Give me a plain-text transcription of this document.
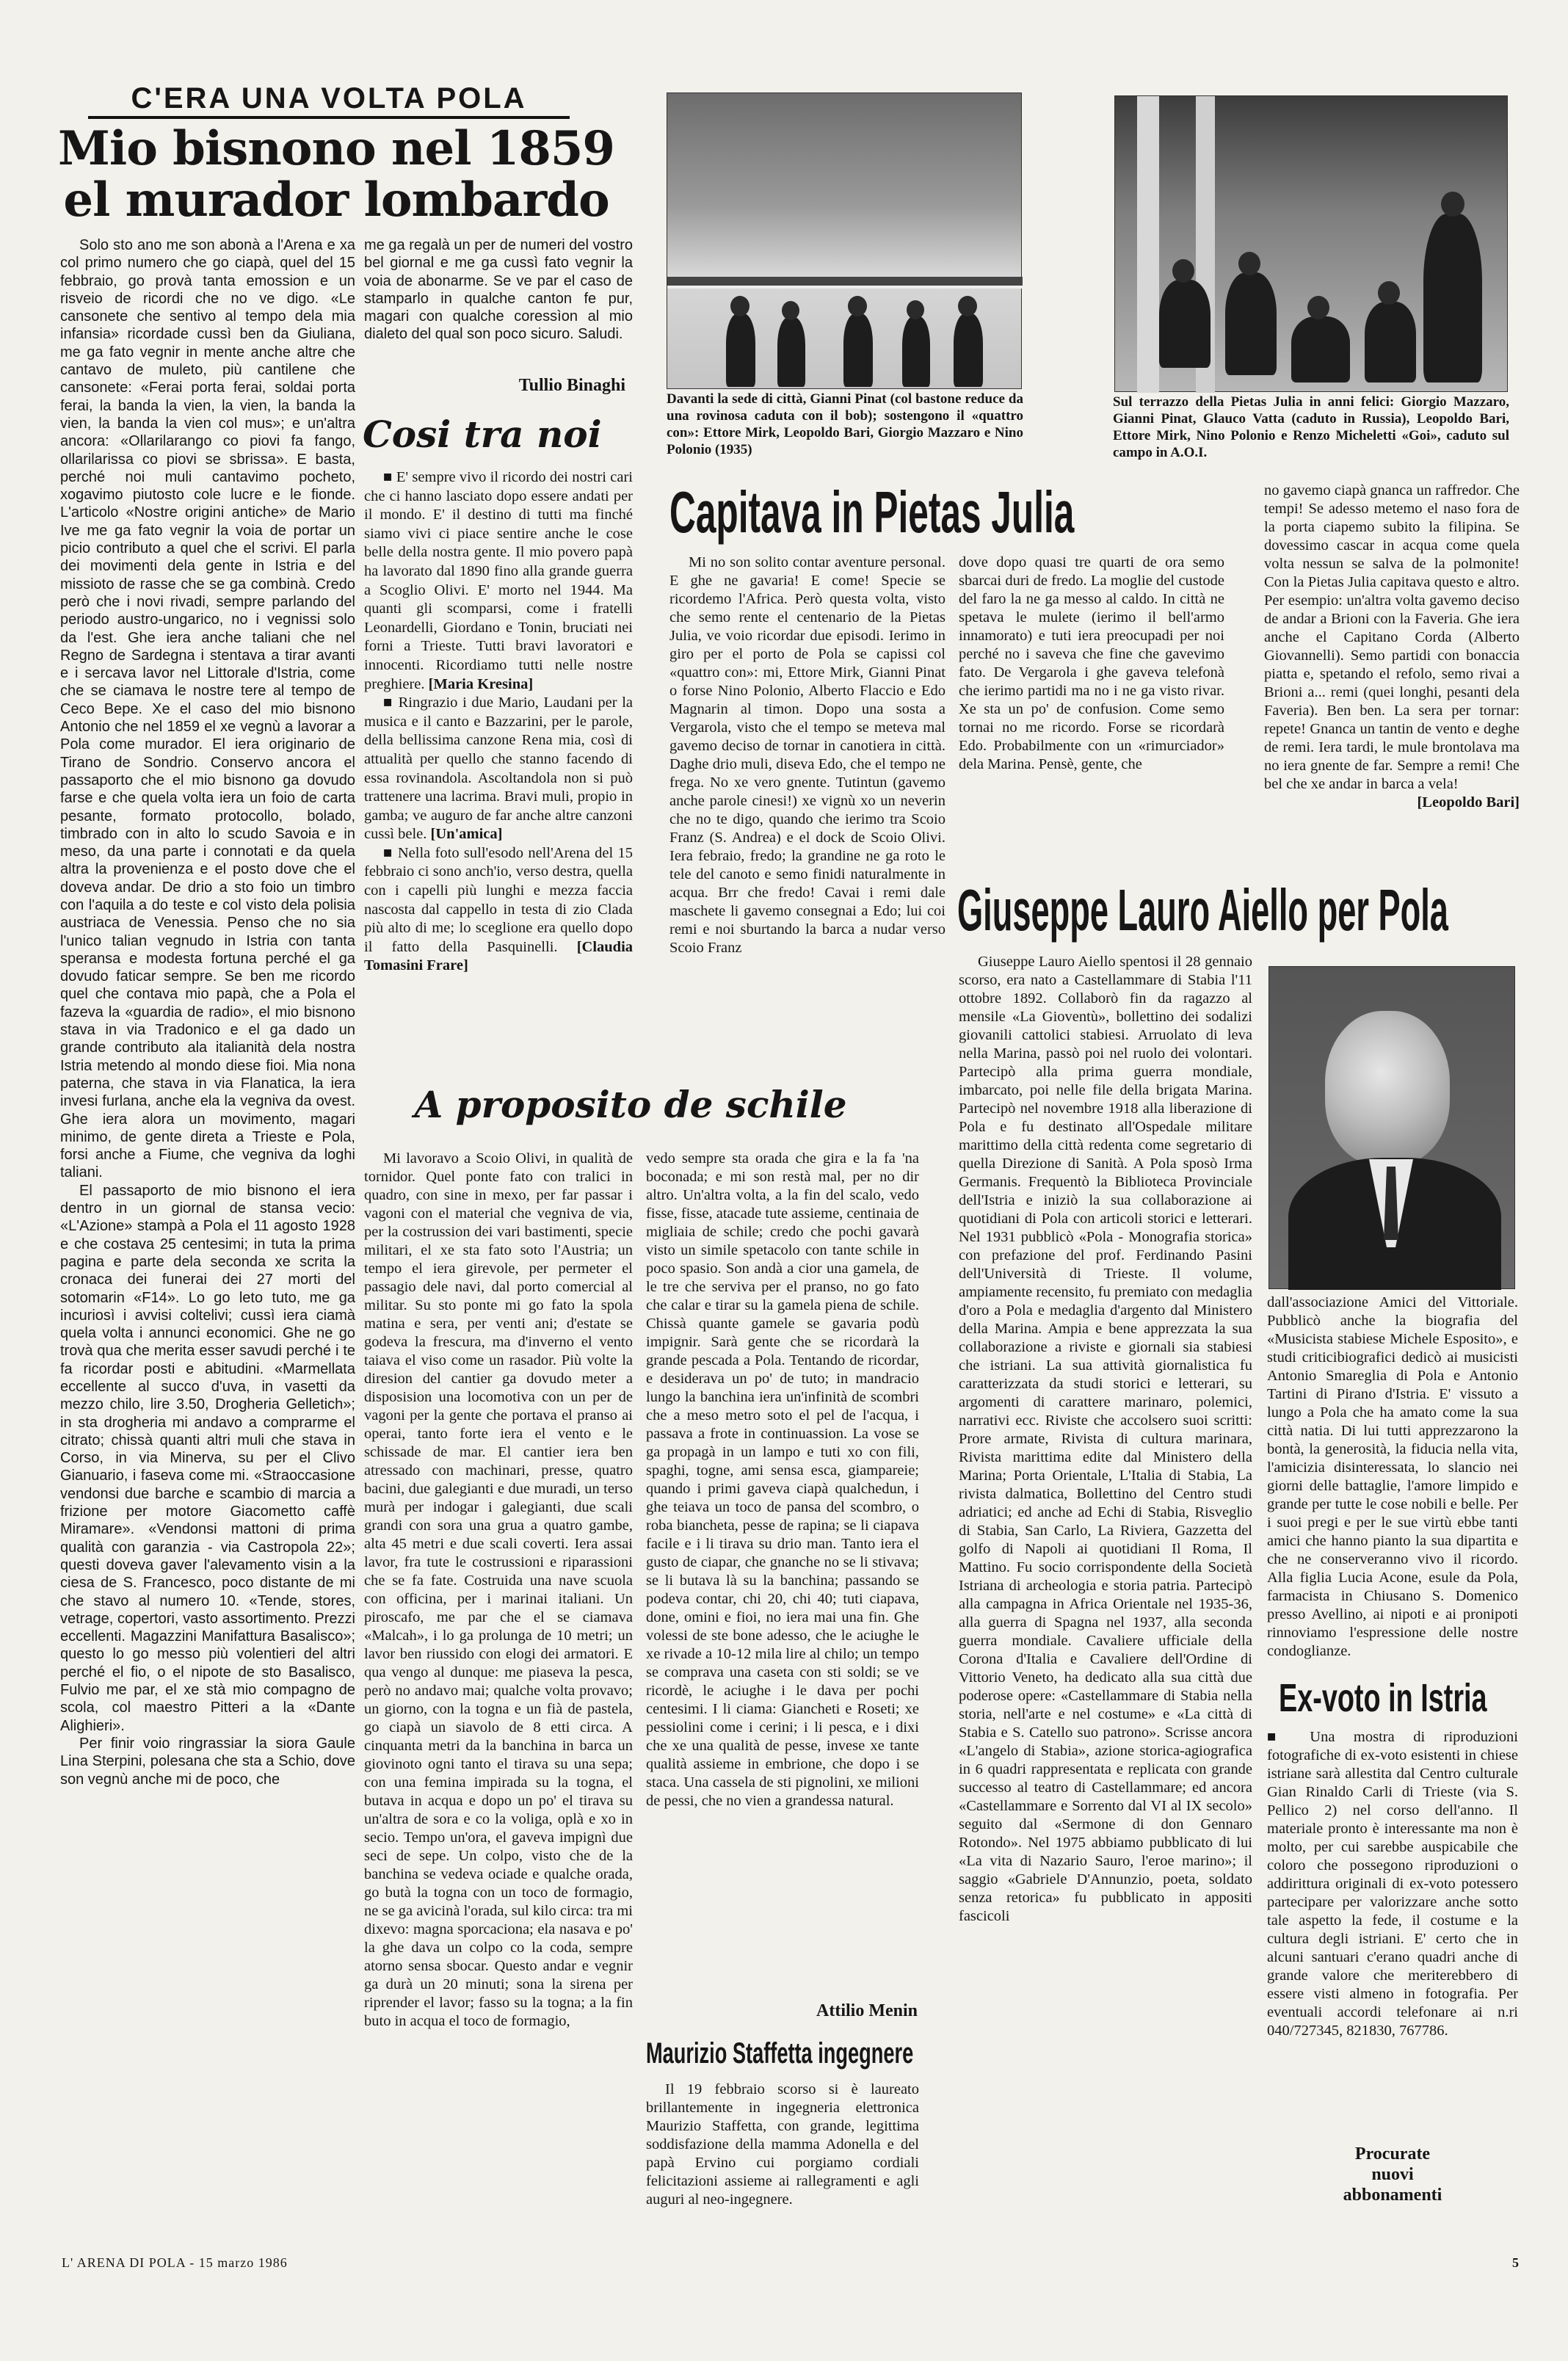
C'ERA UNA VOLTA POLA
Mio bisnono nel 1859
el murador lombardo

Solo sto ano me son abonà a l'Arena e xa col primo numero che go ciapà, quel del 15 febbraio, go provà tanta emossion e un risveio de ricordi che no ve digo. «Le cansonete che sentivo al tempo dela mia infansia» ricordade cussì ben da Giuliana, me ga fato vegnir in mente anche altre che cantavo de muleto, più cantilene che cansonete: «Ferai porta ferai, soldai porta ferai, la banda la vien, la vien, la banda la vien, la banda la vien col mus»; e un'altra ancora: «Ollarilarango co piovi fa fango, ollarilarissa co piovi se sbrissa». E basta, perché noi muli cantavimo pocheto, xogavimo piutosto cole lucre e le fionde. L'articolo «Nostre origini antiche» de Mario Ive me ga fato vegnir la voia de portar un picio contributo a quel che el scrivi. El parla dei movimenti dela gente in Istria e del missioto de rasse che se ga combinà. Credo però che i novi rivadi, sempre parlando del periodo austro-ungarico, no i vegnissi solo da l'est. Ghe iera anche taliani che nel Regno de Sardegna i stentava a tirar avanti e i sercava lavor nel Littorale d'Istria, come che se ciamava le nostre tere al tempo de Ceco Bepe. Xe el caso del mio bisnono Antonio che nel 1859 el xe vegnù a lavorar a Pola come murador. El iera originario de Tirano de Sondrio. Conservo ancora el passaporto che el mio bisnono ga dovudo farse e che quela volta iera un foio de carta pesante, formato protocollo, bolado, timbrado con in alto lo scudo Savoia e in meso, da una parte i connotati e da quela altra la provenienza e el posto dove che el doveva andar. De drio a sto foio un timbro con l'aquila a do teste e col visto dela polisia austriaca de Venessia. Penso che no sia l'unico talian vegnudo in Istria con tanta speransa e modesta fortuna perché el ga dovudo faticar sempre. Se ben me ricordo quel che contava mio papà, che a Pola el fazeva la «guardia de radio», el mio bisnono stava in via Tradonico e el ga dado un grande contributo ala italianità dela nostra Istria metendo al mondo diese fioi. Mia nona paterna, che stava in via Flanatica, la iera invesi furlana, anche ela la vegniva da ovest. Ghe iera alora un movimento, magari minimo, de gente direta a Trieste e Pola, forsi anche a Fiume, che vegniva da loghi taliani.

El passaporto de mio bisnono el iera dentro in un giornal de stansa vecio: «L'Azione» stampà a Pola el 11 agosto 1928 e che costava 25 centesimi; in tuta la prima pagina e parte dela seconda xe scrita la cronaca dei funerai dei 27 morti del sotomarin «F14». Lo go leto tuto, me ga incuriosì i avvisi coltelivi; cussì iera ciamà quela volta i annunci economici. Ghe ne go trovà qua che merita esser savudi perché i te fa ricordar posti e abitudini. «Marmellata eccellente al succo d'uva, in vasetti da mezzo chilo, lire 3.50, Drogheria Gelletich»; in sta drogheria mi andavo a comprarme el citrato; chissà quanti altri muli che stava in Corso, in via Minerva, su per el Clivo Gianuario, i faseva come mi. «Straoccasione vendonsi due barche e scambio di marcia a frizione per motore Giacometto caffè Miramare». «Vendonsi mattoni di prima qualità con garanzia - via Castropola 22»; questi doveva gaver l'alevamento visin a la ciesa de S. Francesco, poco distante de mi che stavo al numero 10. «Tende, stores, vetrage, copertori, vasto assortimento. Prezzi eccellenti. Magazzini Manifattura Basalisco»; questo lo go messo più volentieri del altri perché el fio, o el nipote de sto Basalisco, Fulvio me par, el xe stà mio compagno de scola, col maestro Pitteri a la «Dante Alighieri».

Per finir voio ringrassiar la siora Gaule Lina Sterpini, polesana che sta a Schio, dove son vegnù anche mi de poco, che

me ga regalà un per de numeri del vostro bel giornal e me ga cussì fato vegnir la voia de abonarme. Se ve par el caso de stamparlo in qualche canton fe pur, magari con qualche coressìon al mio dialeto del qual son poco sicuro. Saludi.

Tullio Binaghi
Cosi tra noi

■ E' sempre vivo il ricordo dei nostri cari che ci hanno lasciato dopo essere andati per il mondo. E' il destino di tutti ma finché siamo vivi ci piace sentire anche le cose belle della nostra gente. Il mio povero papà ha lavorato dal 1890 fino alla grande guerra a Scoglio Olivi. E' morto nel 1944. Ma quanti gli scomparsi, come i fratelli Leonardelli, Giordano e Tonin, bruciati nei forni a Trieste. Tutti bravi lavoratori e innocenti. Ricordiamo tutti nelle nostre preghiere. [Maria Kresina]

■ Ringrazio i due Mario, Laudani per la musica e il canto e Bazzarini, per le parole, della bellissima canzone Rena mia, così di attualità per quello che stanno facendo di essa rovinandola. Ascoltandola non si può trattenere una lacrima. Bravi muli, propio in gamba; ve auguro de far anche altre canzoni cussì bele. [Un'amica]

■ Nella foto sull'esodo nell'Arena del 15 febbraio ci sono anch'io, verso destra, quella con i capelli più lunghi e mezza faccia nascosta dal cappello in testa di zio Clada più alto di me; lo sceglione era quello dopo il fatto della Pasquinelli. [Claudia Tomasini Frare]

Davanti la sede di città, Gianni Pinat (col bastone reduce da una rovinosa caduta con il bob); sostengono il «quattro con»: Ettore Mirk, Leopoldo Bari, Giorgio Mazzaro e Nino Polonio (1935)
Sul terrazzo della Pietas Julia in anni felici: Giorgio Mazzaro, Gianni Pinat, Glauco Vatta (caduto in Russia), Leopoldo Bari, Ettore Mirk, Nino Polonio e Renzo Micheletti «Goi», caduto sul campo in A.O.I.
Capitava in Pietas Julia

Mi no son solito contar aventure personal. E ghe ne gavaria! E come! Specie se ricordemo l'Africa. Però questa volta, visto che semo rente el centenario de la Pietas Julia, ve voio ricordar due episodi. Ierimo in giro per el porto de Pola se capissi col «quattro con»: mi, Ettore Mirk, Gianni Pinat o forse Nino Polonio, Alberto Flaccio e Edo Magnarin al timon. Dopo una sosta a Vergarola, visto che el tempo se meteva mal gavemo deciso de tornar in canotiera in città. Daghe drio muli, diseva Edo, che el tempo ne frega. No xe vero gnente. Tutintun (gavemo anche parole cinesi!) xe vignù xo un neverin che no te digo, quando che ierimo tra Scoio Franz (S. Andrea) e el dock de Scoio Olivi. Iera febraio, fredo; la grandine ne ga roto le tele del canoto e semo finidi naturalmente in acqua. Brr che fredo! Cavai i remi dale maschete li gavemo consegnai a Edo; lui coi remi e noi sburtando la barca a nudar verso Scoio Franz

dove dopo quasi tre quarti de ora semo sbarcai duri de fredo. La moglie del custode del faro la ne ga messo al caldo. In città ne spetava le mulete (ierimo il bell'armo innamorato) e tuti iera preocupadi per noi perché no i saveva che fine che gavevimo fato. De Vergarola i ghe gaveva telefonà che ierimo partidi ma no i ne ga visto rivar. Xe sta un po' de confusion. Come semo tornai no me ricordo. Forse se ricordarà Edo. Probabilmente con un «rimurciador» dela Marina. Pensè, gente, che

no gavemo ciapà gnanca un raffredor. Che tempi! Se adesso metemo el naso fora de la porta ciapemo subito la filipina. Se dovessimo cascar in acqua come quela volta nessun se salva de la polmonite! Con la Pietas Julia capitava questo e altro. Per esempio: un'altra volta gavemo deciso de andar a Brioni con la Faveria. Ghe iera anche el Capitano Corda (Alberto Giovannelli). Semo partidi con bonaccia piatta e, spetando el refolo, semo rivai a Brioni a... remi (quei longhi, pesanti dela Faveria). Ben ben. La sera per tornar: repete! Gnanca un tantin de vento e deghe de remi. Iera tardi, le mule brontolava ma no iera gnente de far. Sempre a remi! Che bel che xe andar in barca a vela!

[Leopoldo Bari]
A proposito de schile

Mi lavoravo a Scoio Olivi, in qualità de tornidor. Quel ponte fato con tralici in quadro, con sine in mexo, per far passar i vagoni con el material che vegniva de via, per la costrussion dei vari bastimenti, specie militari, el xe sta fato soto l'Austria; un tempo el iera girevole, per permeter el passagio dele navi, dal porto comercial al militar. Su sto ponte mi go fato la spola matina e sera, per venti ani; d'estate se godeva la frescura, ma d'inverno el vento taiava el viso come un rasador. Più volte la diresion del cantier ga dovudo meter a disposision una locomotiva con un per de vagoni per la gente che portava el pranso ai operai, tanto forte iera el vento e le schissade de mar. El cantier iera ben atressado con machinari, presse, quatro bacini, due galegianti e due muradi, un terso murà per indogar i galegianti, due scali grandi con sora una grua a quatro gambe, alta 45 metri e due scali coverti. Iera assai lavor, fra tute le costrussioni e riparassioni che se fa fate. Costruida una nave scuola con officina, per i marinai italiani. Un piroscafo, me par che el se ciamava «Malcah», i lo ga prolunga de 10 metri; un lavor ben riussido con elogi dei armatori. E qua vengo al dunque: me piaseva la pesca, però no andavo mai; qualche volta provavo; un giorno, con la togna e un fià de pastela, go ciapà un siavolo de 8 etti circa. A cinquanta metri da la banchina in barca un giovinoto ogni tanto el tirava su una sepa; con una femina impirada su la togna, el butava in acqua e dopo un po' el tirava su un'altra de sora e co la voliga, oplà e xo in secio. Tempo un'ora, el gaveva impignì due seci de sepe. Un colpo, visto che de la banchina se vedeva ociade e qualche orada, go butà la togna con un toco de formagio, ne se ga avicinà l'orada, sul kilo circa: tra mi dixevo: magna sporcaciona; ela nasava e po' la ghe dava un colpo co la coda, sempre atorno sensa sbocar. Questo andar e vegnir ga durà un 20 minuti; sona la sirena per riprender el lavor; fasso su la togna; a la fin buto in acqua el toco de formagio,

vedo sempre sta orada che gira e la fa 'na boconada; e mi son restà mal, per no dir altro. Un'altra volta, a la fin del scalo, vedo fisse, fisse, atacade tute assieme, centinaia de migliaia de schile; credo che pochi gavarà visto un simile spetacolo con tante schile in poco spasio. Son andà a cior una gamela, de le tre che serviva per el pranso, no go fato che calar e tirar su la gamela piena de schile. Chissà quante gamele se gavaria podù impignir. Sarà gente che se ricordarà la grande pescada a Pola. Tentando de ricordar, e desiderava un po' de tuto; in mandracio lungo la banchina iera un'infinità de scombri che a meso metro soto el pel de l'acqua, i passava a frote in continuassion. La vose se ga propagà in un lampo e tuti xo con fili, spaghi, togne, ami sensa esca, giampareie; quando i primi gaveva ciapà qualchedun, i ghe teiava un toco de pansa del scombro, o roba biancheta, pesse de rapina; se li ciapava facile e i li tirava su drio man. Tanto iera el gusto de ciapar, che gnanche no se li stivava; se li butava là su la banchina; passando se podeva contar, chi 20, chi 40; tuti ciapava, done, omini e fioi, no iera mai una fin. Ghe volessi de ste bone adesso, che le aciughe le xe rivade a 10-12 mila lire al chilo; un tempo se comprava una caseta con sti soldi; se ve ricordè, le aciughe i le dava per pochi centesimi. I li ciama: Giancheti e Roseti; xe pessiolini come i cerini; i li pesca, e i dixi che xe una qualità de pesse, invese xe tante qualità assieme in embrione, che dopo i se staca. Una cassela de sti pignolini, xe milioni de pessi, che no vien a grandessa natural.

Attilio Menin
Maurizio Staffetta ingegnere

Il 19 febbraio scorso si è laureato brillantemente in ingegneria elettronica Maurizio Staffetta, con grande, legittima soddisfazione della mamma Adonella e del papà Ervino cui porgiamo cordiali felicitazioni assieme ai rallegramenti e agli auguri al neo-ingegnere.

Giuseppe Lauro Aiello per Pola

Giuseppe Lauro Aiello spentosi il 28 gennaio scorso, era nato a Castellammare di Stabia l'11 ottobre 1892. Collaborò fin da ragazzo al mensile «La Gioventù», bollettino dei sodalizi giovanili cattolici stabiesi. Arruolato di leva nella Marina, passò poi nel ruolo dei volontari. Partecipò alla prima guerra mondiale, imbarcato, poi nelle file della brigata Marina. Partecipò nel novembre 1918 alla liberazione di Pola e fu destinato all'Ospedale militare marittimo della città redenta come segretario di quella Direzione di Sanità. A Pola sposò Irma Germanis. Frequentò la Biblioteca Provinciale dell'Istria e iniziò la sua collaborazione ai quotidiani di Pola con articoli storici e letterari. Nel 1931 pubblicò «Pola - Monografia storica» con prefazione del prof. Ferdinando Pasini dell'Università di Trieste. Il volume, ampiamente recensito, fu premiato con medaglia d'oro a Pola e medaglia d'argento dal Ministero della Marina. Ampia e bene apprezzata la sua collaborazione a riviste e giornali sia stabiesi che istriani. La sua attività giornalistica fu caratterizzata da studi storici e letterari, su argomenti di carattere marinaro, polemici, narrativi ecc. Riviste che accolsero suoi scritti: Prore armate, Rivista di cultura marinara, Rivista marittima edite dal Ministero della Marina; Porta Orientale, L'Italia di Stabia, La rivista dalmatica, Bollettino del Centro studi adriatici; ed anche ad Echi di Stabia, Risveglio di Stabia, San Carlo, La Riviera, Gazzetta del golfo di Napoli ai quotidiani Il Roma, Il Mattino. Fu socio corrispondente della Società Istriana di archeologia e storia patria. Partecipò alla campagna in Africa Orientale nel 1935-36, alla guerra di Spagna nel 1937, alla seconda guerra mondiale. Cavaliere ufficiale della Corona d'Italia e Cavaliere dell'Ordine di Vittorio Veneto, ha dedicato alla sua città due poderose opere: «Castellammare di Stabia nella storia, nell'arte e nel costume» e «La città di Stabia e S. Catello suo patrono». Scrisse ancora «L'angelo di Stabia», azione storica-agiografica in 6 quadri rappresentata e replicata con grande successo al teatro di Castellammare; ed ancora «Castellammare e Sorrento dal VI al IX secolo» seguito dal «Sermone di don Gennaro Rotondo». Nel 1975 abbiamo pubblicato di lui «La vita di Nazario Sauro, l'eroe marino»; il saggio «Gabriele D'Annunzio, poeta, soldato senza retorica» fu pubblicato in appositi fascicoli

dall'associazione Amici del Vittoriale. Pubblicò anche la biografia del «Musicista stabiese Michele Esposito», e studi criticibiografici dedicò ai musicisti Antonio Smareglia di Pola e Antonio Tartini di Pirano d'Istria. E' vissuto a lungo a Pola che ha amato come la sua città natia. Di lui tutti apprezzarono la bontà, la generosità, la fiducia nella vita, l'amicizia disinteressata, lo slancio nei giorni delle battaglie, l'amore limpido e grande per tutte le cose nobili e belle. Per i suoi pregi e per le sue virtù ebbe tanti amici che hanno pianto la sua dipartita e che ne conserveranno vivo il ricordo. Alla figlia Lucia Acone, esule da Pola, farmacista in Chiusano S. Domenico presso Avellino, ai nipoti e ai pronipoti rinnoviamo l'espressione delle nostre condoglianze.

Ex-voto in Istria

■ Una mostra di riproduzioni fotografiche di ex-voto esistenti in chiese istriane sarà allestita dal Centro culturale Gian Rinaldo Carli di Trieste (via S. Pellico 2) nel corso dell'anno. Il materiale pronto è interessante ma non è molto, per cui sarebbe auspicabile che coloro che possegono riproduzioni o addirittura originali di ex-voto potessero partecipare per valorizzare anche sotto tale aspetto la fede, il costume e la cultura degli istriani. E' certo che in alcuni santuari c'erano quadri anche di grande valore che meriterebbero di essere visti almeno in fotografia. Per eventuali accordi telefonare ai n.ri 040/727345, 821830, 767786.

Procurate
nuovi
abbonamenti
L' ARENA DI POLA - 15 marzo 1986	5
